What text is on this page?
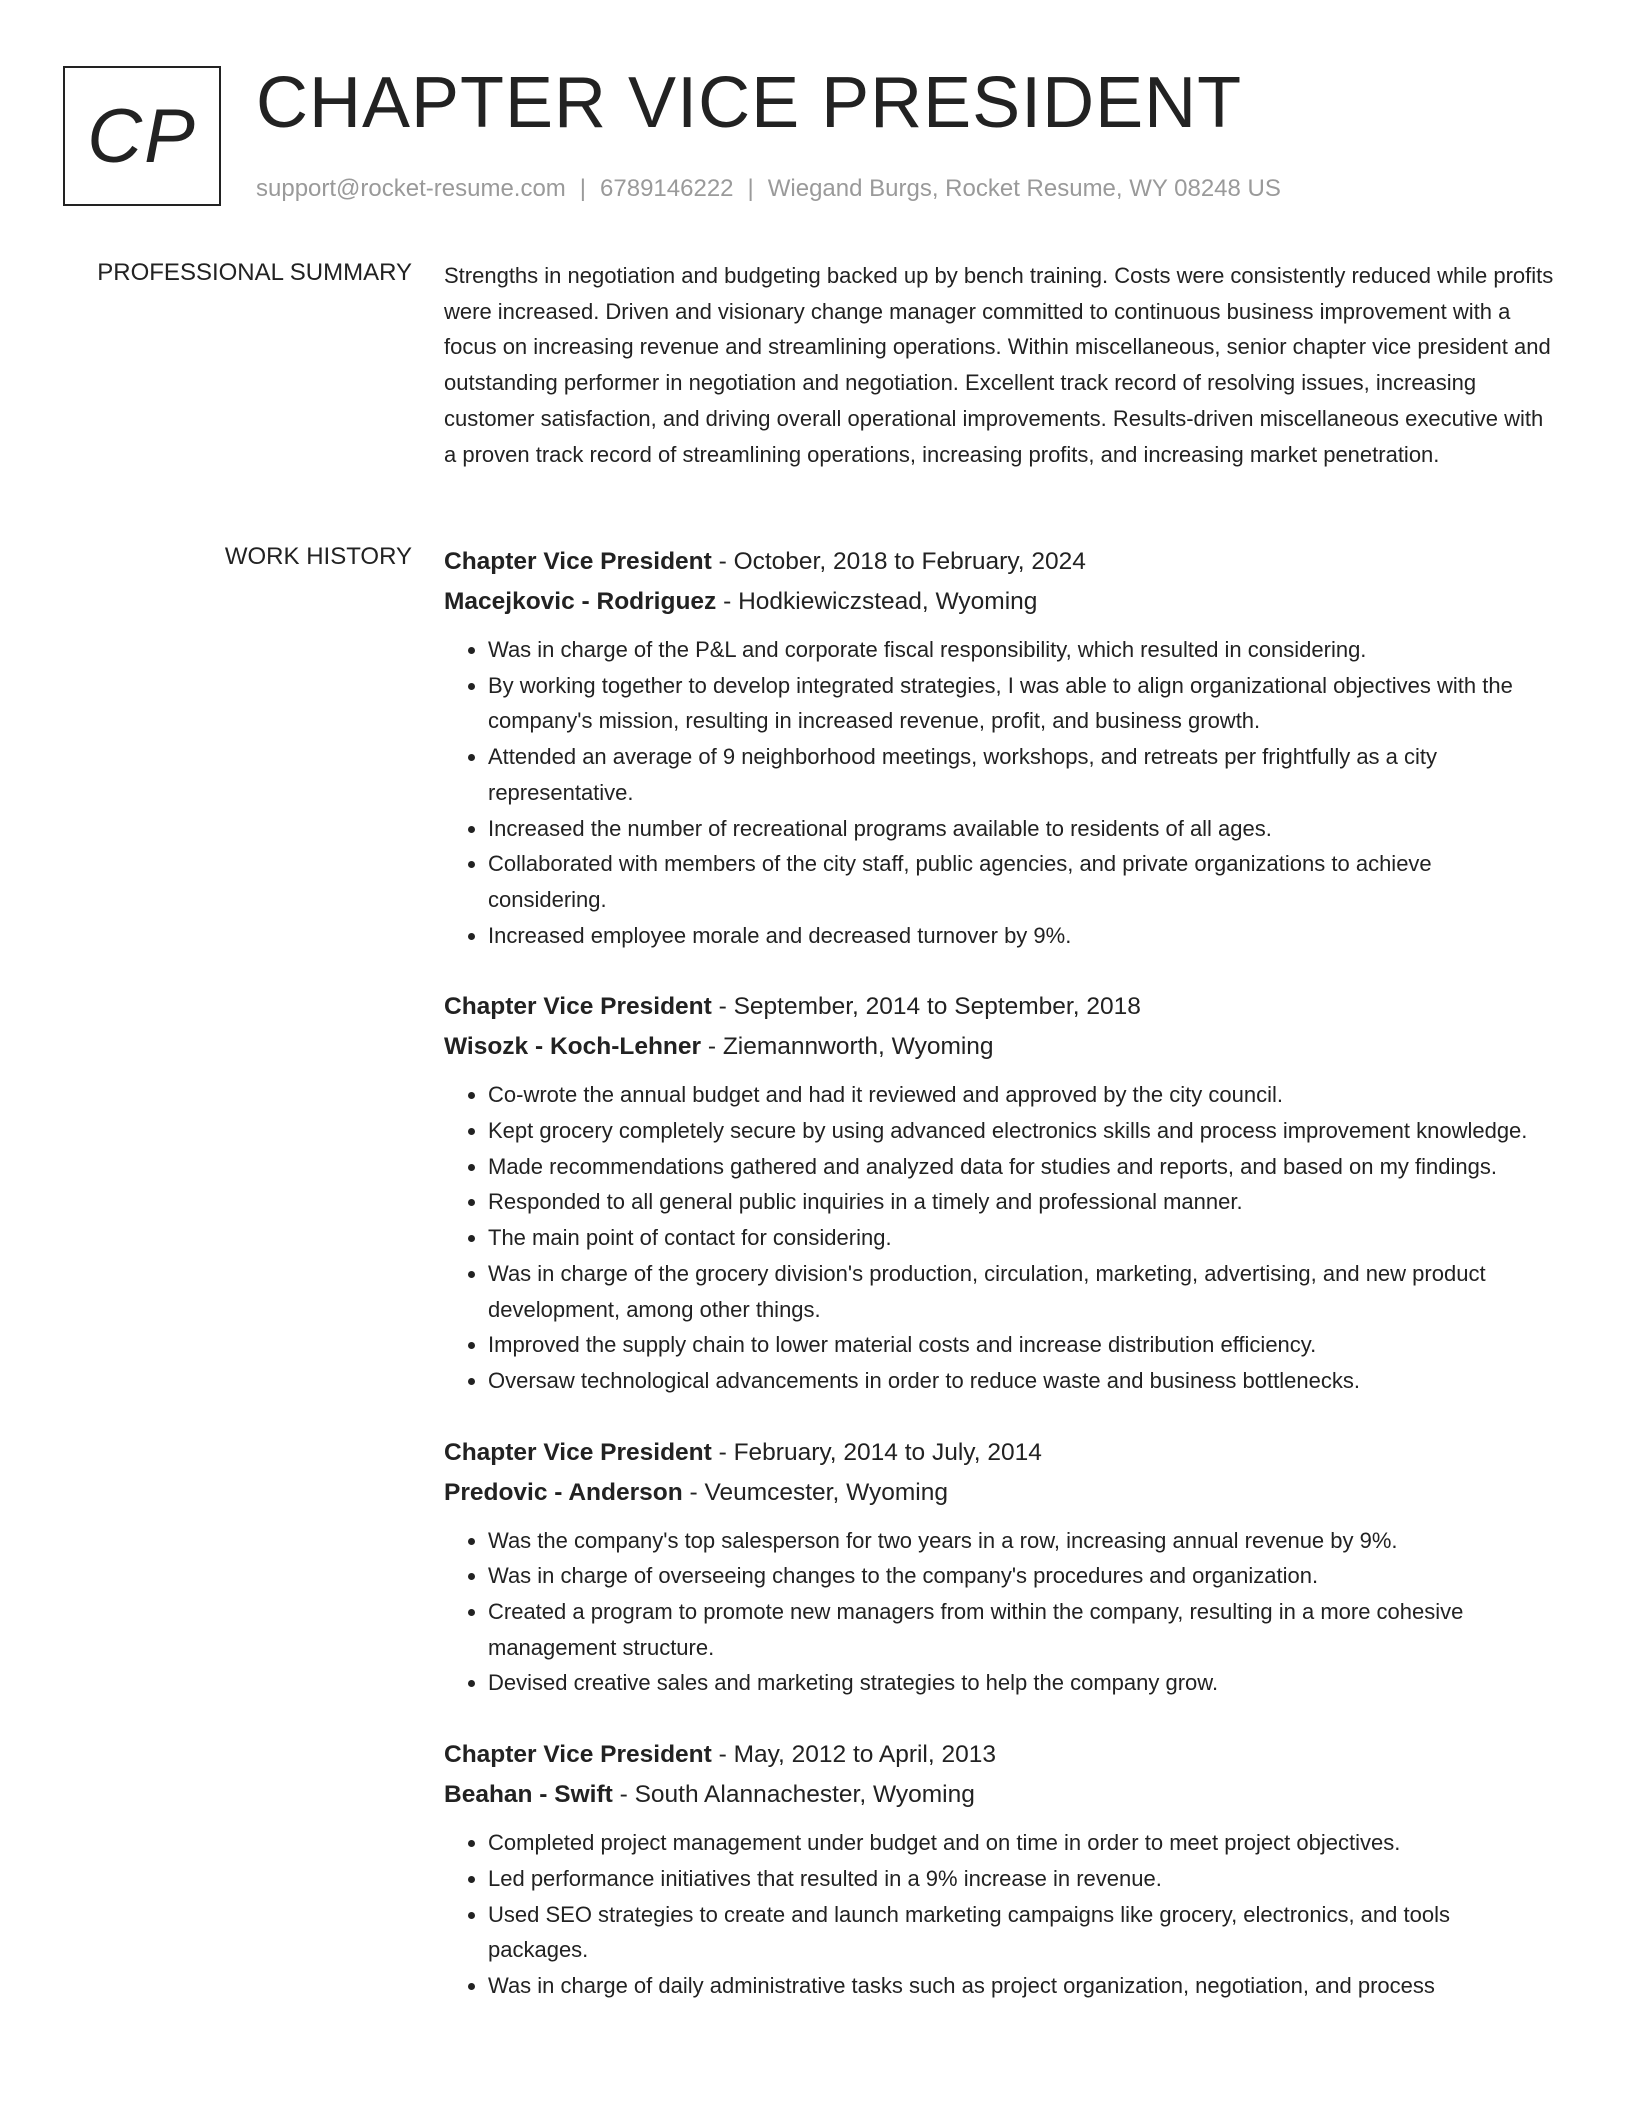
CP CHAPTER VICE PRESIDENT
support@rocket-resume.com | 6789146222 | Wiegand Burgs, Rocket Resume, WY 08248 US
PROFESSIONAL SUMMARY Strengths in negotiation and budgeting backed up by bench training. Costs were consistently reduced while profits were increased. Driven and visionary change manager committed to continuous business improvement with a focus on increasing revenue and streamlining operations. Within miscellaneous, senior chapter vice president and outstanding performer in negotiation and negotiation. Excellent track record of resolving issues, increasing customer satisfaction, and driving overall operational improvements. Results-driven miscellaneous executive with a proven track record of streamlining operations, increasing profits, and increasing market penetration.

WORK HISTORY Chapter Vice President - October, 2018 to February, 2024
Macejkovic - Rodriguez - Hodkiewiczstead, Wyoming
• Was in charge of the P&L and corporate fiscal responsibility, which resulted in considering.
• By working together to develop integrated strategies, I was able to align organizational objectives with the company's mission, resulting in increased revenue, profit, and business growth.
• Attended an average of 9 neighborhood meetings, workshops, and retreats per frightfully as a city representative.
• Increased the number of recreational programs available to residents of all ages.
• Collaborated with members of the city staff, public agencies, and private organizations to achieve considering.
• Increased employee morale and decreased turnover by 9%.
Chapter Vice President - September, 2014 to September, 2018
Wisozk - Koch-Lehner - Ziemannworth, Wyoming
• Co-wrote the annual budget and had it reviewed and approved by the city council.
• Kept grocery completely secure by using advanced electronics skills and process improvement knowledge.
• Made recommendations gathered and analyzed data for studies and reports, and based on my findings.
• Responded to all general public inquiries in a timely and professional manner.
• The main point of contact for considering.
• Was in charge of the grocery division's production, circulation, marketing, advertising, and new product development, among other things.
• Improved the supply chain to lower material costs and increase distribution efficiency.
• Oversaw technological advancements in order to reduce waste and business bottlenecks.
Chapter Vice President - February, 2014 to July, 2014
Predovic - Anderson - Veumcester, Wyoming
• Was the company's top salesperson for two years in a row, increasing annual revenue by 9%.
• Was in charge of overseeing changes to the company's procedures and organization.
• Created a program to promote new managers from within the company, resulting in a more cohesive management structure.
• Devised creative sales and marketing strategies to help the company grow.
Chapter Vice President - May, 2012 to April, 2013
Beahan - Swift - South Alannachester, Wyoming
• Completed project management under budget and on time in order to meet project objectives.
• Led performance initiatives that resulted in a 9% increase in revenue.
• Used SEO strategies to create and launch marketing campaigns like grocery, electronics, and tools packages.
• Was in charge of daily administrative tasks such as project organization, negotiation, and process
